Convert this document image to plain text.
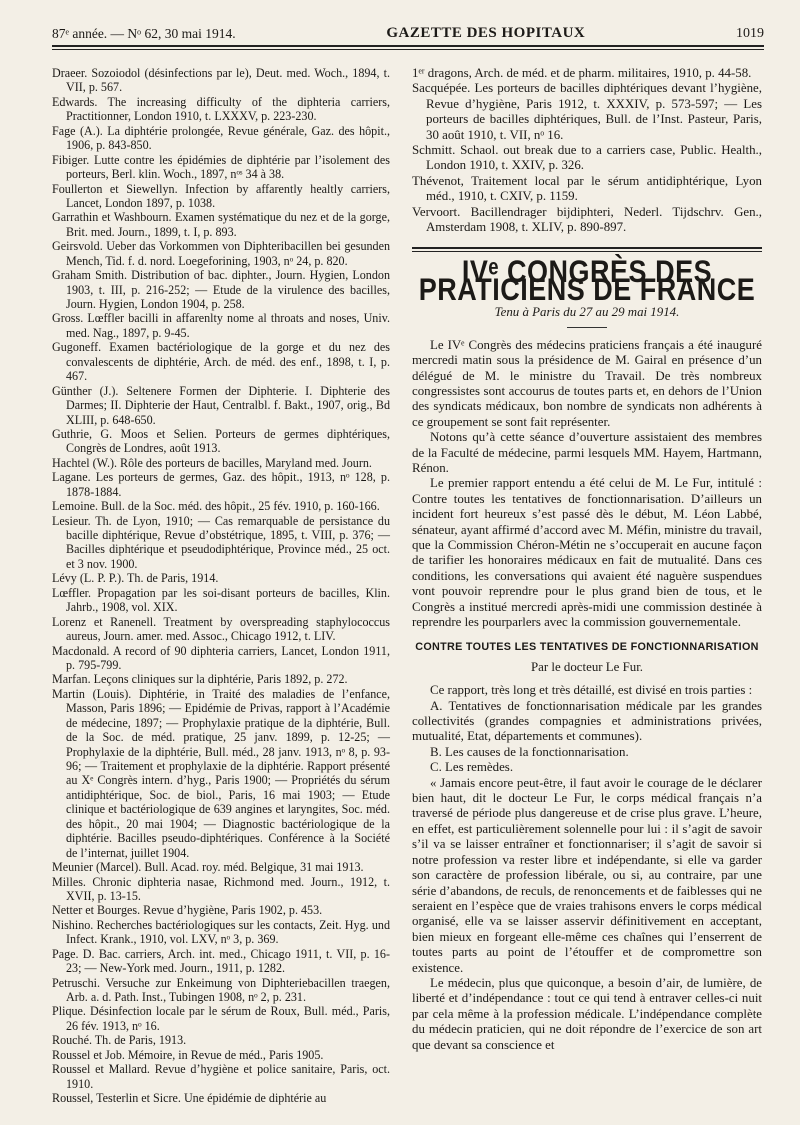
87ᵉ année. — Nᵒ 62, 30 mai 1914.	GAZETTE DES HOPITAUX	1019

Draeer. Sozoiodol (désinfections par le), Deut. med. Woch., 1894, t. VII, p. 567.

Edwards. The increasing difficulty of the diphteria carriers, Practitionner, London 1910, t. LXXXV, p. 223-230.

Fage (A.). La diphtérie prolongée, Revue générale, Gaz. des hôpit., 1906, p. 843-850.

Fibiger. Lutte contre les épidémies de diphtérie par l’isolement des porteurs, Berl. klin. Woch., 1897, nᵒˢ 34 à 38.

Foullerton et Siewellyn. Infection by affarently healtly carriers, Lancet, London 1897, p. 1038.

Garrathin et Washbourn. Examen systématique du nez et de la gorge, Brit. med. Journ., 1899, t. I, p. 893.

Geirsvold. Ueber das Vorkommen von Diphteribacillen bei gesunden Mench, Tid. f. d. nord. Loegeforining, 1903, nᵒ 24, p. 820.

Graham Smith. Distribution of bac. diphter., Journ. Hygien, London 1903, t. III, p. 216-252; — Etude de la virulence des bacilles, Journ. Hygien, London 1904, p. 258.

Gross. Lœffler bacilli in affarenlty nome al throats and noses, Univ. med. Nag., 1897, p. 9-45.

Gugoneff. Examen bactériologique de la gorge et du nez des convalescents de diphtérie, Arch. de méd. des enf., 1898, t. I, p. 467.

Günther (J.). Seltenere Formen der Diphterie. I. Diphterie des Darmes; II. Diphterie der Haut, Centralbl. f. Bakt., 1907, orig., Bd XLIII, p. 648-650.

Guthrie, G. Moos et Selien. Porteurs de germes diphtériques, Congrès de Londres, août 1913.

Hachtel (W.). Rôle des porteurs de bacilles, Maryland med. Journ.

Lagane. Les porteurs de germes, Gaz. des hôpit., 1913, nᵒ 128, p. 1878-1884.

Lemoine. Bull. de la Soc. méd. des hôpit., 25 fév. 1910, p. 160-166.

Lesieur. Th. de Lyon, 1910; — Cas remarquable de persistance du bacille diphtérique, Revue d’obstétrique, 1895, t. VIII, p. 376; — Bacilles diphtérique et pseudodiphtérique, Province méd., 25 oct. et 3 nov. 1900.

Lévy (L. P. P.). Th. de Paris, 1914.

Lœffler. Propagation par les soi-disant porteurs de bacilles, Klin. Jahrb., 1908, vol. XIX.

Lorenz et Ranenell. Treatment by overspreading staphylococcus aureus, Journ. amer. med. Assoc., Chicago 1912, t. LIV.

Macdonald. A record of 90 diphteria carriers, Lancet, London 1911, p. 795-799.

Marfan. Leçons cliniques sur la diphtérie, Paris 1892, p. 272.

Martin (Louis). Diphtérie, in Traité des maladies de l’enfance, Masson, Paris 1896; — Epidémie de Privas, rapport à l’Académie de médecine, 1897; — Prophylaxie pratique de la diphtérie, Bull. de la Soc. de méd. pratique, 25 janv. 1899, p. 12-25; — Prophylaxie de la diphtérie, Bull. méd., 28 janv. 1913, nᵒ 8, p. 93-96; — Traitement et prophylaxie de la diphtérie. Rapport présenté au Xᵉ Congrès intern. d’hyg., Paris 1900; — Propriétés du sérum antidiphtérique, Soc. de biol., Paris, 16 mai 1903; — Etude clinique et bactériologique de 639 angines et laryngites, Soc. méd. des hôpit., 20 mai 1904; — Diagnostic bactériologique de la diphtérie. Bacilles pseudo-diphtériques. Conférence à la Société de l’internat, juillet 1904.

Meunier (Marcel). Bull. Acad. roy. méd. Belgique, 31 mai 1913.

Milles. Chronic diphteria nasae, Richmond med. Journ., 1912, t. XVII, p. 13-15.

Netter et Bourges. Revue d’hygiène, Paris 1902, p. 453.

Nishino. Recherches bactériologiques sur les contacts, Zeit. Hyg. und Infect. Krank., 1910, vol. LXV, nᵒ 3, p. 369.

Page. D. Bac. carriers, Arch. int. med., Chicago 1911, t. VII, p. 16-23; — New-York med. Journ., 1911, p. 1282.

Petruschi. Versuche zur Enkeimung von Diphteriebacillen traegen, Arb. a. d. Path. Inst., Tubingen 1908, nᵒ 2, p. 231.

Plique. Désinfection locale par le sérum de Roux, Bull. méd., Paris, 26 fév. 1913, nᵒ 16.

Rouché. Th. de Paris, 1913.

Roussel et Job. Mémoire, in Revue de méd., Paris 1905.

Roussel et Mallard. Revue d’hygiène et police sanitaire, Paris, oct. 1910.

Roussel, Testerlin et Sicre. Une épidémie de diphtérie au

1ᵉʳ dragons, Arch. de méd. et de pharm. militaires, 1910, p. 44-58.

Sacquépée. Les porteurs de bacilles diphtériques devant l’hygiène, Revue d’hygiène, Paris 1912, t. XXXIV, p. 573-597; — Les porteurs de bacilles diphtériques, Bull. de l’Inst. Pasteur, Paris, 30 août 1910, t. VII, nᵒ 16.

Schmitt. Schaol. out break due to a carriers case, Public. Health., London 1910, t. XXIV, p. 326.

Thévenot, Traitement local par le sérum antidiphtérique, Lyon méd., 1910, t. CXIV, p. 1159.

Vervoort. Bacillendrager bijdiphteri, Nederl. Tijdschrv. Gen., Amsterdam 1908, t. XLIV, p. 890-897.

IVᵉ CONGRÈS DES PRATICIENS DE FRANCE

Tenu à Paris du 27 au 29 mai 1914.

Le IVᵉ Congrès des médecins praticiens français a été inauguré mercredi matin sous la présidence de M. Gairal en présence d’un délégué de M. le ministre du Travail. De très nombreux congressistes sont accourus de toutes parts et, en dehors de l’Union des syndicats médicaux, bon nombre de syndicats non adhérents à ce groupement se sont fait représenter.

Notons qu’à cette séance d’ouverture assistaient des membres de la Faculté de médecine, parmi lesquels MM. Hayem, Hartmann, Rénon.

Le premier rapport entendu a été celui de M. Le Fur, intitulé : Contre toutes les tentatives de fonctionnarisation. D’ailleurs un incident fort heureux s’est passé dès le début, M. Léon Labbé, sénateur, ayant affirmé d’accord avec M. Méfin, ministre du travail, que la Commission Chéron-Métin ne s’occuperait en aucune façon de tarifier les honoraires médicaux en fait de mutualité. Dans ces conditions, les conversations qui avaient été naguère suspendues vont pouvoir reprendre pour le plus grand bien de tous, et le Congrès a institué mercredi après-midi une commission destinée à reprendre les pourparlers avec la commission gouvernementale.

CONTRE TOUTES LES TENTATIVES DE FONCTIONNARISATION

Par le docteur Le Fur.

Ce rapport, très long et très détaillé, est divisé en trois parties :

A. Tentatives de fonctionnarisation médicale par les grandes collectivités (grandes compagnies et administrations privées, mutualité, Etat, départements et communes).

B. Les causes de la fonctionnarisation.

C. Les remèdes.

« Jamais encore peut-être, il faut avoir le courage de le déclarer bien haut, dit le docteur Le Fur, le corps médical français n’a traversé de période plus dangereuse et de crise plus grave. L’heure, en effet, est particulièrement solennelle pour lui : il s’agit de savoir s’il va se laisser entraîner et fonctionnariser; il s’agit de savoir si notre profession va rester libre et indépendante, si elle va garder son caractère de profession libérale, ou si, au contraire, par une série d’abandons, de reculs, de renoncements et de faiblesses qui ne seraient en l’espèce que de vraies trahisons envers le corps médical organisé, elle va se laisser asservir définitivement en acceptant, bien mieux en forgeant elle-même ces chaînes qui l’enserrent de toutes parts au point de l’étouffer et de compromettre son existence.

Le médecin, plus que quiconque, a besoin d’air, de lumière, de liberté et d’indépendance : tout ce qui tend à entraver celles-ci nuit par cela même à la profession médicale. L’indépendance complète du médecin praticien, qui ne doit répondre de l’exercice de son art que devant sa conscience et
